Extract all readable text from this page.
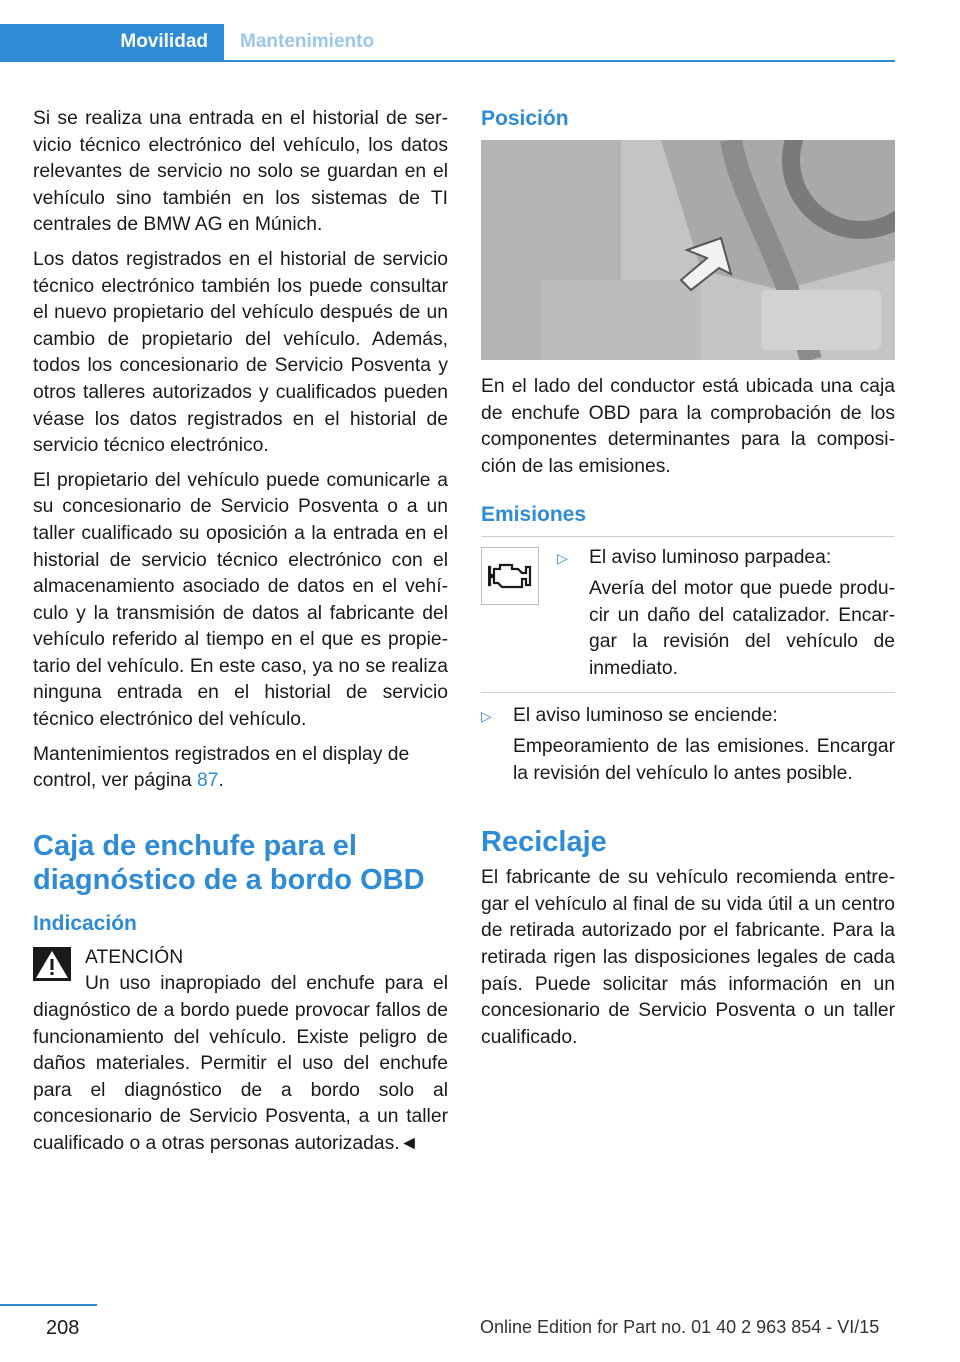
Movilidad	Mantenimiento

Si se realiza una entrada en el historial de servicio técnico electrónico del vehículo, los datos relevantes de servicio no solo se guardan en el vehículo sino también en los sistemas de TI centrales de BMW AG en Múnich.

Los datos registrados en el historial de servicio técnico electrónico también los puede consultar el nuevo propietario del vehículo después de un cambio de propietario del vehículo. Además, todos los concesionario de Servicio Posventa y otros talleres autorizados y cualificados pueden véase los datos registrados en el historial de servicio técnico electrónico.

El propietario del vehículo puede comunicarle a su concesionario de Servicio Posventa o a un taller cualificado su oposición a la entrada en el historial de servicio técnico electrónico con el almacenamiento asociado de datos en el vehículo y la transmisión de datos al fabricante del vehículo referido al tiempo en el que es propietario del vehículo. En este caso, ya no se realiza ninguna entrada en el historial de servicio técnico electrónico del vehículo.

Mantenimientos registrados en el display de control, ver página 87.

Caja de enchufe para el diagnóstico de a bordo OBD
Indicación
ATENCIÓN

Un uso inapropiado del enchufe para el diagnóstico de a bordo puede provocar fallos de funcionamiento del vehículo. Existe peligro de daños materiales. Permitir el uso del enchufe para el diagnóstico de a bordo solo al concesionario de Servicio Posventa, a un taller cualificado o a otras personas autorizadas.◄

Posición

En el lado del conductor está ubicada una caja de enchufe OBD para la comprobación de los componentes determinantes para la composición de las emisiones.

Emisiones
▷ El aviso luminoso parpadea:

Avería del motor que puede producir un daño del catalizador. Encargar la revisión del vehículo de inmediato.

▷ El aviso luminoso se enciende:

Empeoramiento de las emisiones. Encargar la revisión del vehículo lo antes posible.

Reciclaje

El fabricante de su vehículo recomienda entregar el vehículo al final de su vida útil a un centro de retirada autorizado por el fabricante. Para la retirada rigen las disposiciones legales de cada país. Puede solicitar más información en un concesionario de Servicio Posventa o un taller cualificado.

208	Online Edition for Part no. 01 40 2 963 854 - VI/15
